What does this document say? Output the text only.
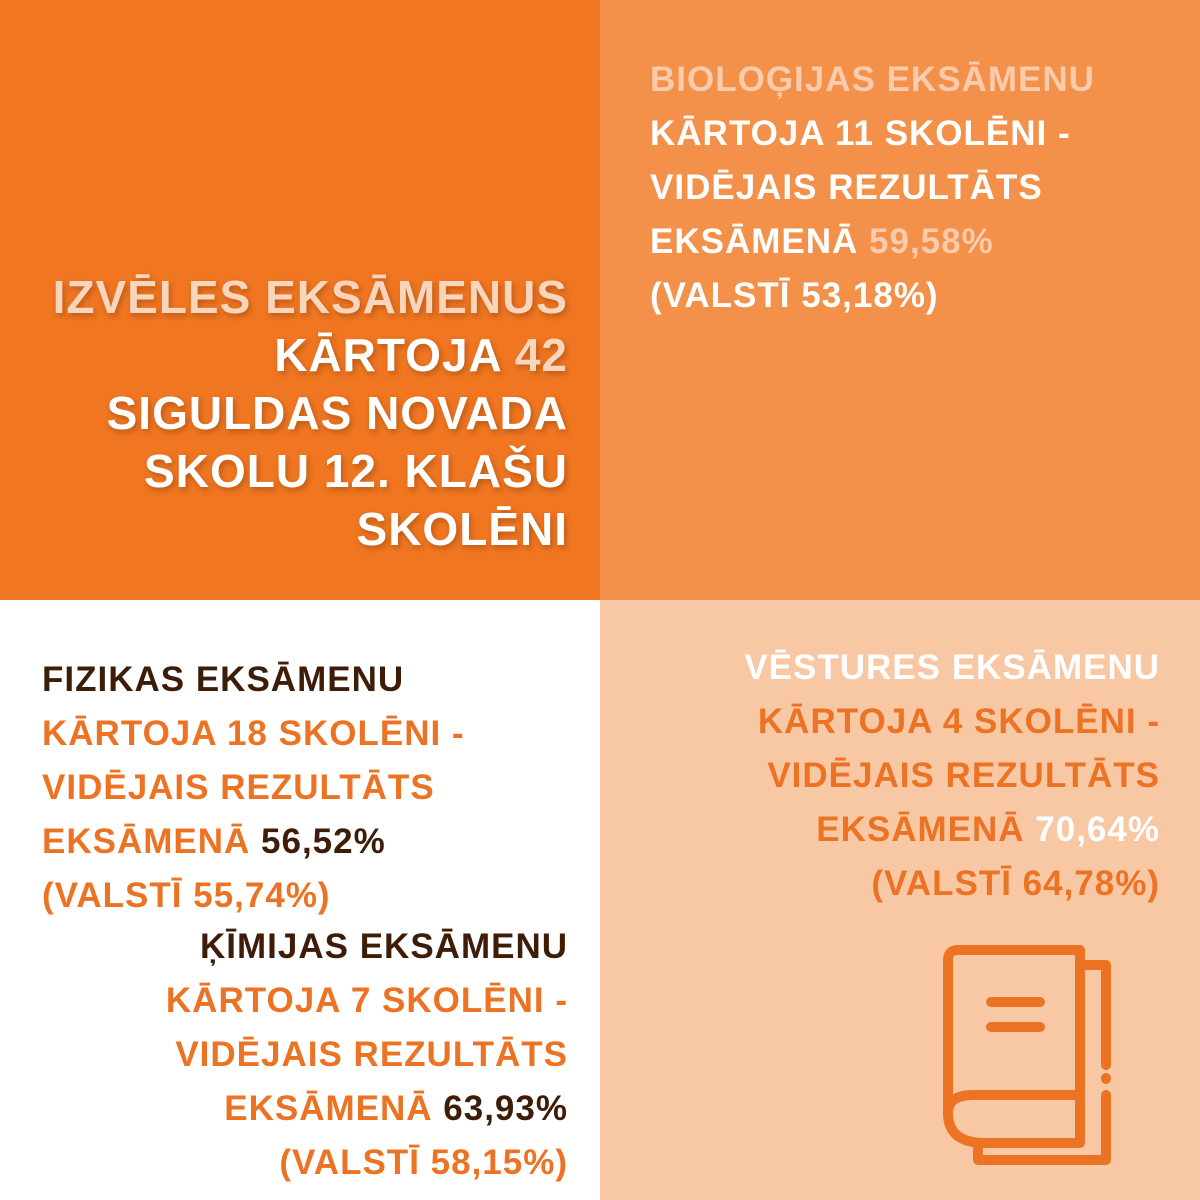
IZVĒLES EKSĀMENUS
KĀRTOJA 42
SIGULDAS NOVADA
SKOLU 12. KLAŠU
SKOLĒNI
BIOLOĢIJAS EKSĀMENU
KĀRTOJA 11 SKOLĒNI -
VIDĒJAIS REZULTĀTS
EKSĀMENĀ 59,58%
(VALSTĪ 53,18%)
FIZIKAS EKSĀMENU
KĀRTOJA 18 SKOLĒNI -
VIDĒJAIS REZULTĀTS
EKSĀMENĀ 56,52%
(VALSTĪ 55,74%)
ĶĪMIJAS EKSĀMENU
KĀRTOJA 7 SKOLĒNI -
VIDĒJAIS REZULTĀTS
EKSĀMENĀ 63,93%
(VALSTĪ 58,15%)
VĒSTURES EKSĀMENU
KĀRTOJA 4 SKOLĒNI -
VIDĒJAIS REZULTĀTS
EKSĀMENĀ 70,64%
(VALSTĪ 64,78%)
